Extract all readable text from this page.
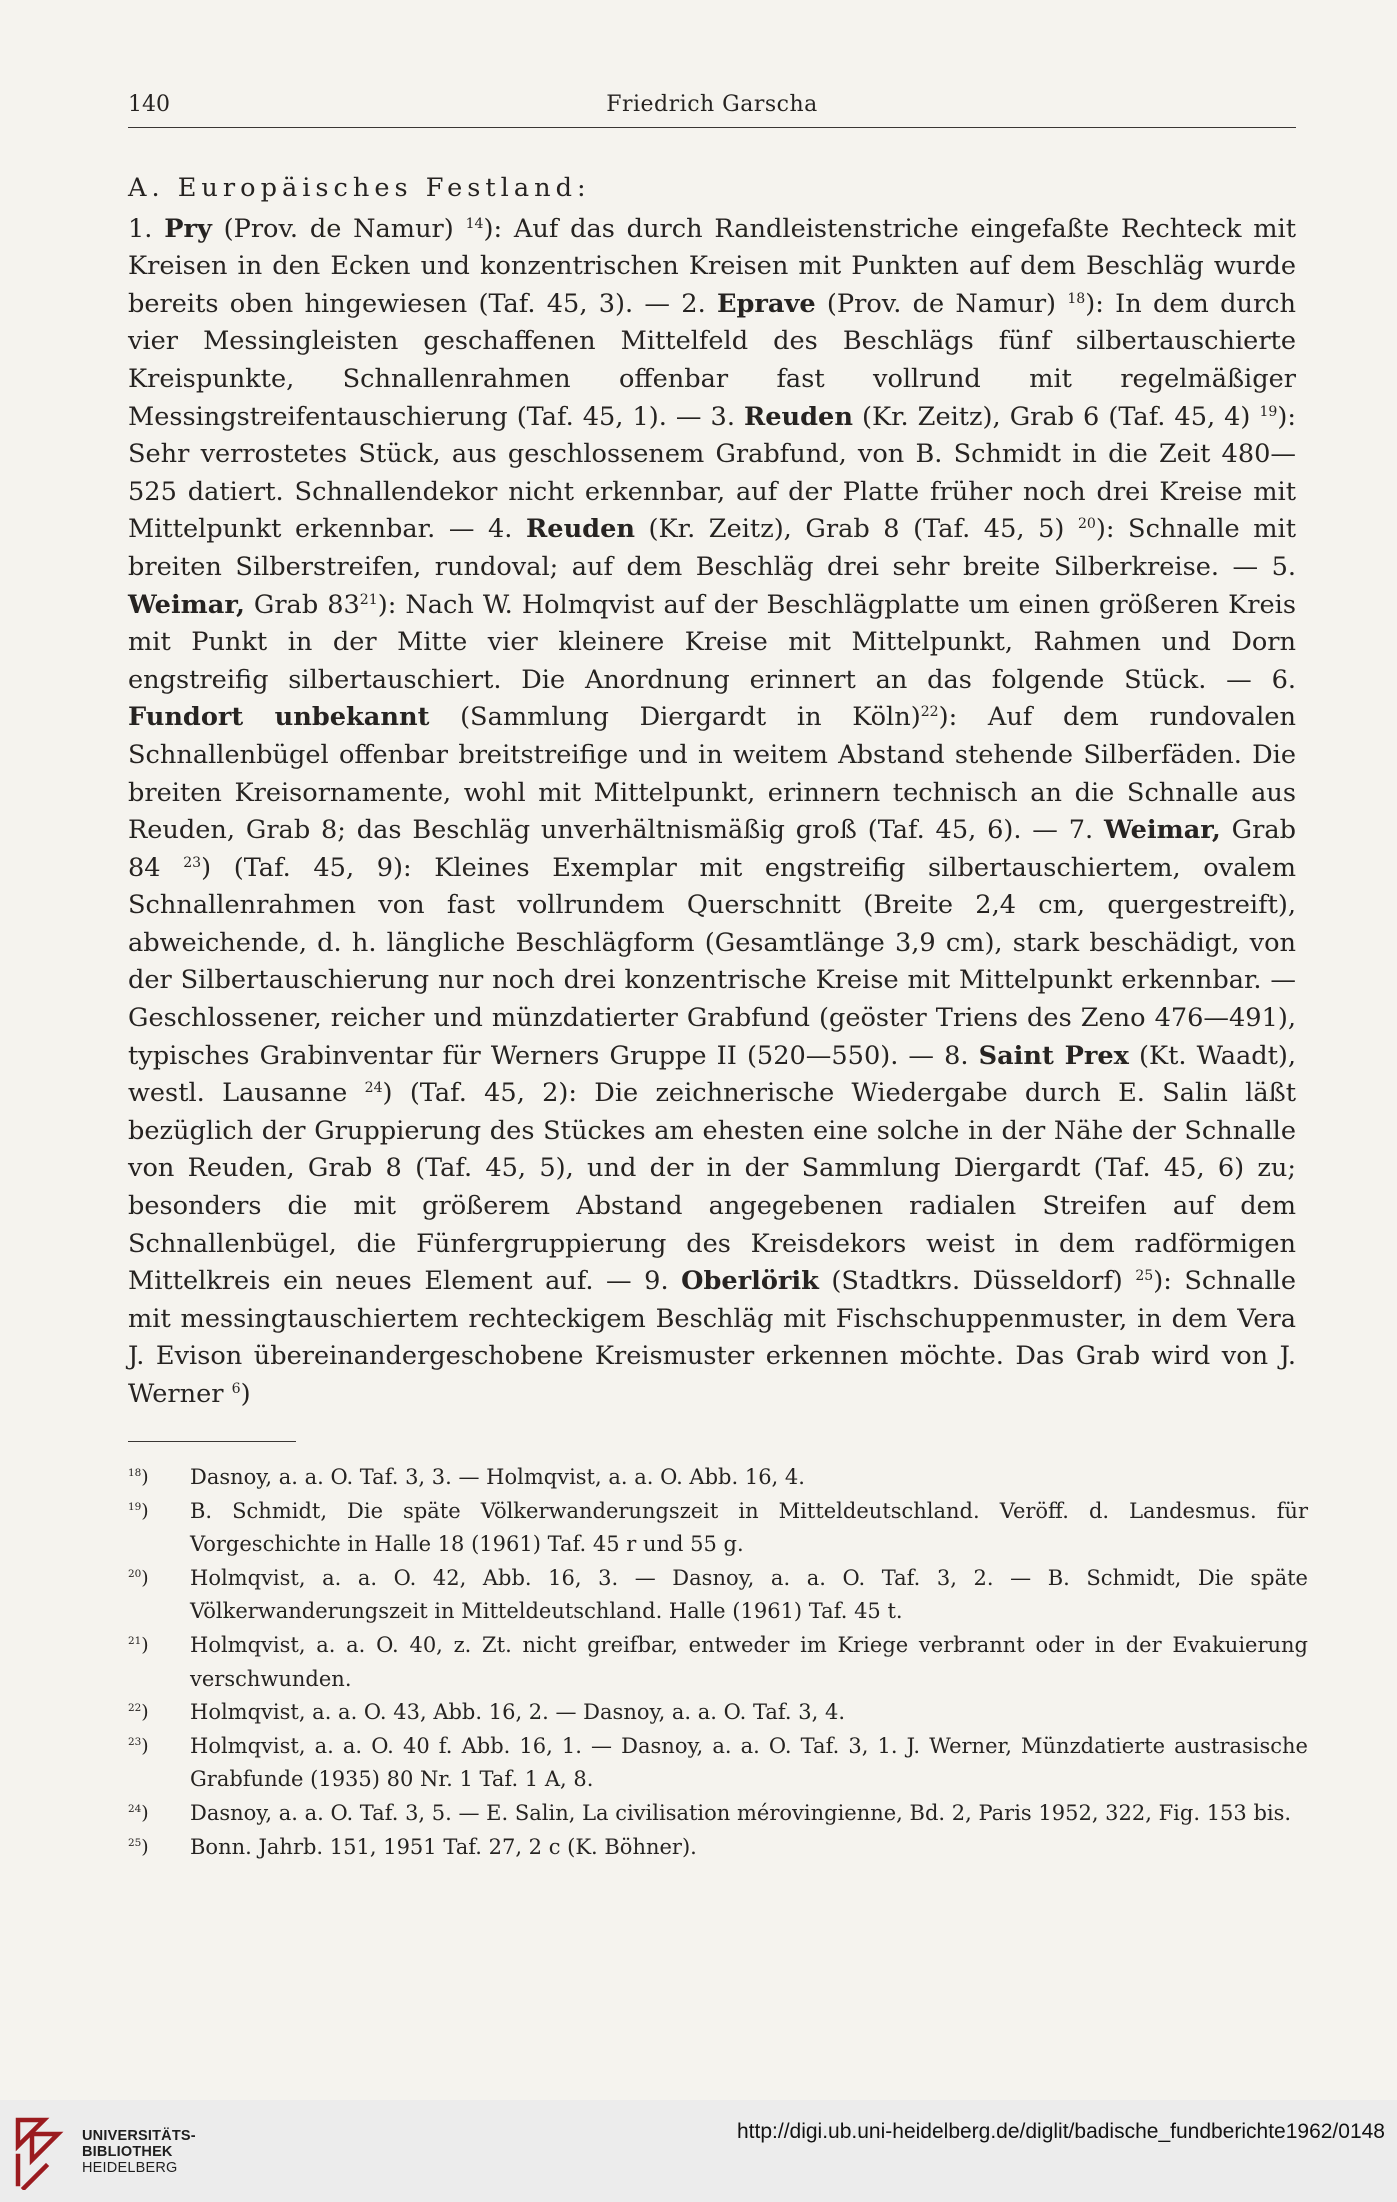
140	Friedrich Garscha
A. Europäisches Festland:

1. Pry (Prov. de Namur) $^{14}$): Auf das durch Randleistenstriche eingefaßte Rechteck mit Kreisen in den Ecken und konzentrischen Kreisen mit Punkten auf dem Beschläg wurde bereits oben hingewiesen (Taf. 45, 3). — 2. Eprave (Prov. de Namur) $^{18}$): In dem durch vier Messingleisten geschaffenen Mittelfeld des Beschlägs fünf silbertauschierte Kreispunkte, Schnallenrahmen offenbar fast vollrund mit regelmäßiger Messingstreifentauschierung (Taf. 45, 1). — 3. Reuden (Kr. Zeitz), Grab 6 (Taf. 45, 4) $^{19}$): Sehr verrostetes Stück, aus geschlossenem Grabfund, von B. Schmidt in die Zeit 480—525 datiert. Schnallendekor nicht erkennbar, auf der Platte früher noch drei Kreise mit Mittelpunkt erkennbar. — 4. Reuden (Kr. Zeitz), Grab 8 (Taf. 45, 5) $^{20}$): Schnalle mit breiten Silberstreifen, rundoval; auf dem Beschläg drei sehr breite Silberkreise. — 5. Weimar, Grab $83^{21}$): Nach W. Holmqvist auf der Beschlägplatte um einen größeren Kreis mit Punkt in der Mitte vier kleinere Kreise mit Mittelpunkt, Rahmen und Dorn engstreifig silbertauschiert. Die Anordnung erinnert an das folgende Stück. — 6. Fundort unbekannt (Sammlung Diergardt in Köln)$^{22}$): Auf dem rundovalen Schnallenbügel offenbar breitstreifige und in weitem Abstand stehende Silberfäden. Die breiten Kreisornamente, wohl mit Mittelpunkt, erinnern technisch an die Schnalle aus Reuden, Grab 8; das Beschläg unverhältnismäßig groß (Taf. 45, 6). — 7. Weimar, Grab 84 $^{23}$) (Taf. 45, 9): Kleines Exemplar mit engstreifig silbertauschiertem, ovalem Schnallenrahmen von fast vollrundem Querschnitt (Breite 2,4 cm, quergestreift), abweichende, d. h. längliche Beschlägform (Gesamtlänge 3,9 cm), stark beschädigt, von der Silbertauschierung nur noch drei konzentrische Kreise mit Mittelpunkt erkennbar. — Geschlossener, reicher und münzdatierter Grabfund (geöster Triens des Zeno 476—491), typisches Grabinventar für Werners Gruppe II (520—550). — 8. Saint Prex (Kt. Waadt), westl. Lausanne $^{24}$) (Taf. 45, 2): Die zeichnerische Wiedergabe durch E. Salin läßt bezüglich der Gruppierung des Stückes am ehesten eine solche in der Nähe der Schnalle von Reuden, Grab 8 (Taf. 45, 5), und der in der Sammlung Diergardt (Taf. 45, 6) zu; besonders die mit größerem Abstand angegebenen radialen Streifen auf dem Schnallenbügel, die Fünfergruppierung des Kreisdekors weist in dem radförmigen Mittelkreis ein neues Element auf. — 9. Oberlörik (Stadtkrs. Düsseldorf) $^{25}$): Schnalle mit messingtauschiertem rechteckigem Beschläg mit Fischschuppenmuster, in dem Vera J. Evison übereinandergeschobene Kreismuster erkennen möchte. Das Grab wird von J. Werner $^6$)

$^{18}$)	Dasnoy, a. a. O. Taf. 3, 3. — Holmqvist, a. a. O. Abb. 16, 4.
$^{19}$)	B. Schmidt, Die späte Völkerwanderungszeit in Mitteldeutschland. Veröff. d. Landesmus. für Vorgeschichte in Halle 18 (1961) Taf. 45 r und 55 g.
$^{20}$)	Holmqvist, a. a. O. 42, Abb. 16, 3. — Dasnoy, a. a. O. Taf. 3, 2. — B. Schmidt, Die späte Völkerwanderungszeit in Mitteldeutschland. Halle (1961) Taf. 45 t.
$^{21}$)	Holmqvist, a. a. O. 40, z. Zt. nicht greifbar, entweder im Kriege verbrannt oder in der Evakuierung verschwunden.
$^{22}$)	Holmqvist, a. a. O. 43, Abb. 16, 2. — Dasnoy, a. a. O. Taf. 3, 4.
$^{23}$)	Holmqvist, a. a. O. 40 f. Abb. 16, 1. — Dasnoy, a. a. O. Taf. 3, 1. J. Werner, Münzdatierte austrasische Grabfunde (1935) 80 Nr. 1 Taf. 1 A, 8.
$^{24}$)	Dasnoy, a. a. O. Taf. 3, 5. — E. Salin, La civilisation mérovingienne, Bd. 2, Paris 1952, 322, Fig. 153 bis.
$^{25}$)	Bonn. Jahrb. 151, 1951 Taf. 27, 2 c (K. Böhner).
UNIVERSITÄTS-
BIBLIOTHEK
HEIDELBERG
http://digi.ub.uni-heidelberg.de/diglit/badische_fundberichte1962/0148
